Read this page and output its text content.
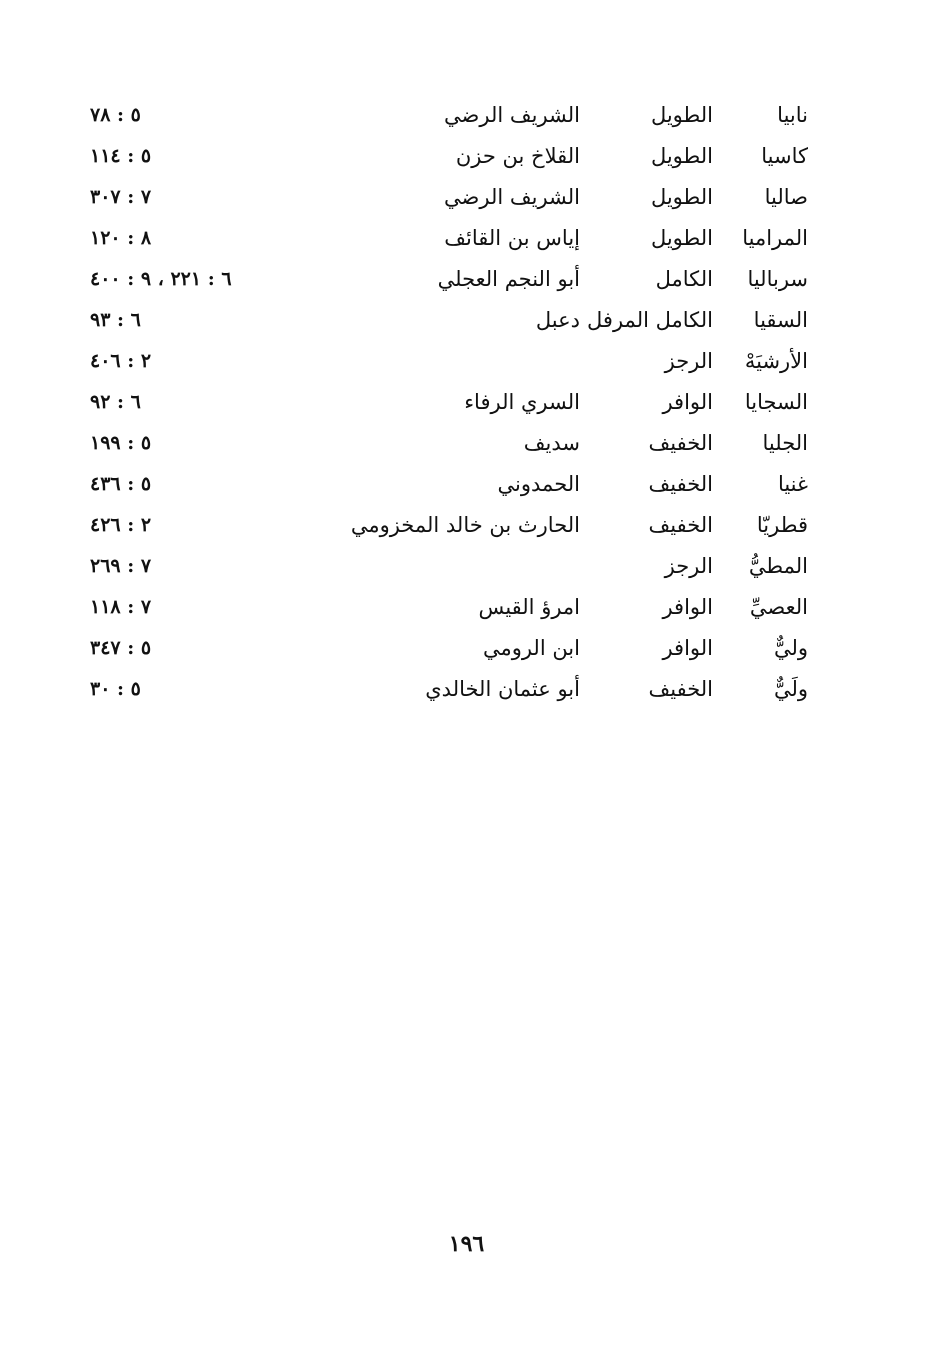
نابيا
الطويل
الشريف الرضي
٥ : ٧٨
كاسيا
الطويل
القلاخ بن حزن
٥ : ١١٤
صاليا
الطويل
الشريف الرضي
٧ : ٣٠٧
المراميا
الطويل
إياس بن القائف
٨ : ١٢٠
سرباليا
الكامل
أبو النجم العجلي
٦ : ٢٢١ ، ٩ : ٤٠٠
السقيا
الكامل المرفل
دعبل
٦ : ٩٣
الأرشيَهْ
الرجز
٢ : ٤٠٦
السجايا
الوافر
السري الرفاء
٦ : ٩٢
الجليا
الخفيف
سديف
٥ : ١٩٩
غنيا
الخفيف
الحمدوني
٥ : ٤٣٦
قطريّا
الخفيف
الحارث بن خالد المخزومي
٢ : ٤٢٦
المطيُّ
الرجز
٧ : ٢٦٩
العصيِّ
الوافر
امرؤ القيس
٧ : ١١٨
وليٌّ
الوافر
ابن الرومي
٥ : ٣٤٧
ولَيٌّ
الخفيف
أبو عثمان الخالدي
٥ : ٣٠
١٩٦
